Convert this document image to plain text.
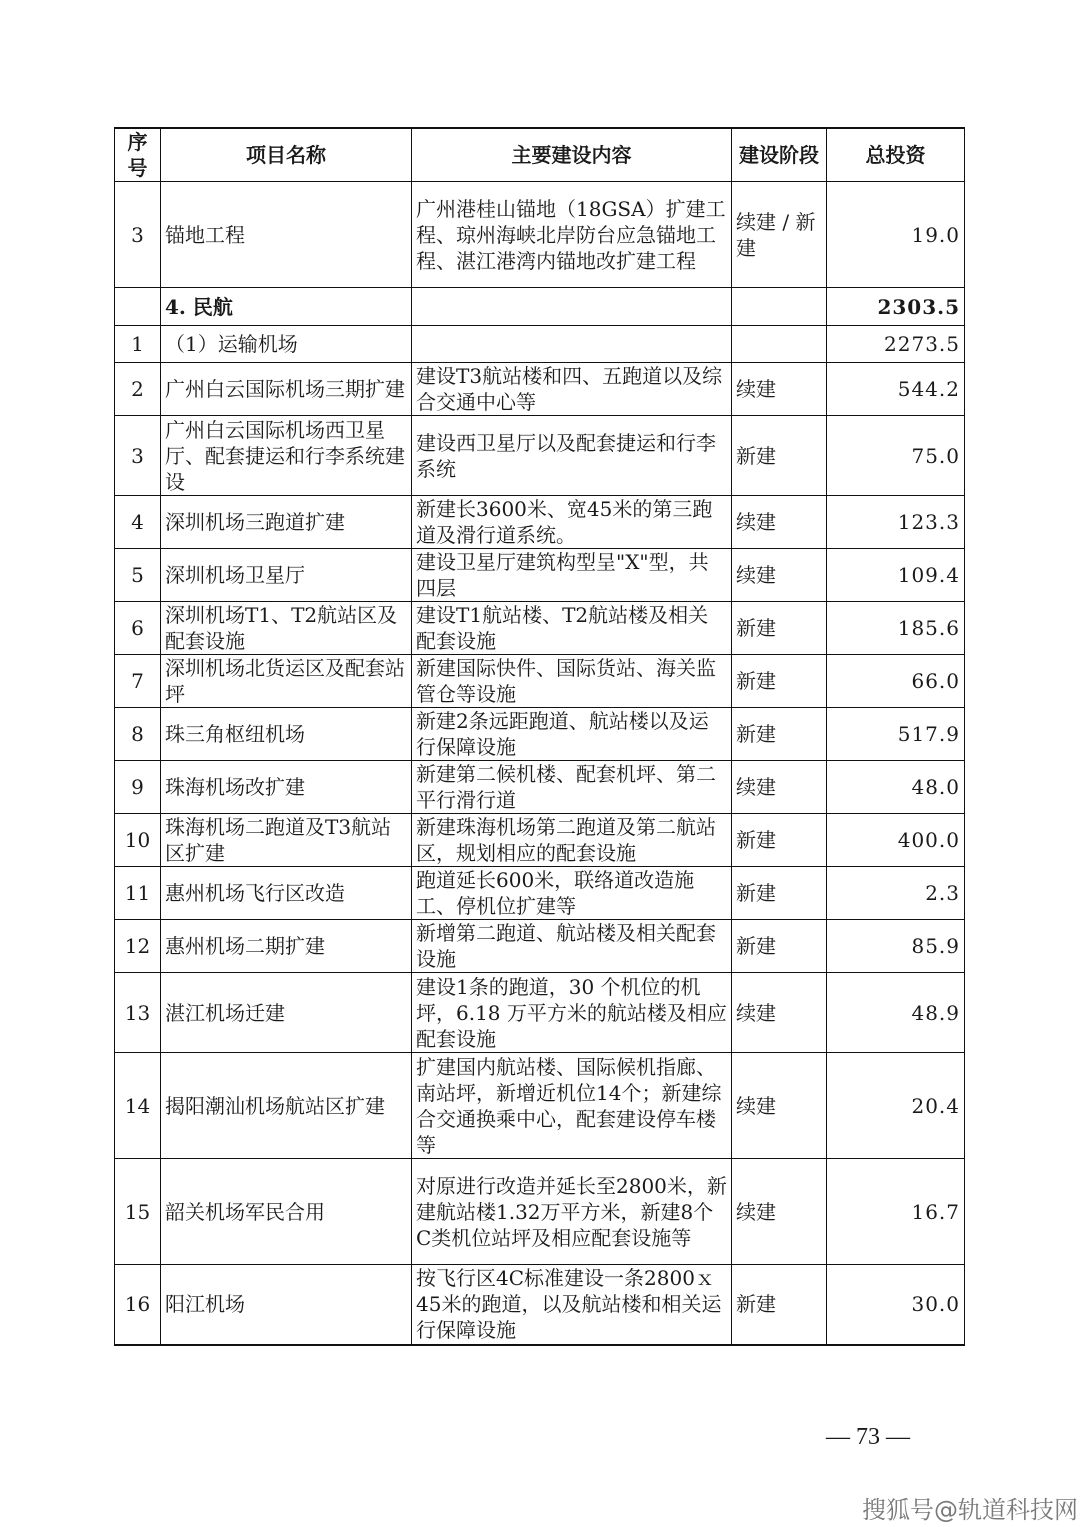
序号	项目名称	主要建设内容	建设阶段	总投资
3	锚地工程	广州港桂山锚地（18GSA）扩建工程、琼州海峡北岸防台应急锚地工程、湛江港湾内锚地改扩建工程	续建 / 新建	19.0
	4. 民航			2303.5
1	（1）运输机场			2273.5
2	广州白云国际机场三期扩建	建设T3航站楼和四、五跑道以及综合交通中心等	续建	544.2
3	广州白云国际机场西卫星厅、配套捷运和行李系统建设	建设西卫星厅以及配套捷运和行李系统	新建	75.0
4	深圳机场三跑道扩建	新建长3600米、宽45米的第三跑道及滑行道系统。	续建	123.3
5	深圳机场卫星厅	建设卫星厅建筑构型呈"X"型，共四层	续建	109.4
6	深圳机场T1、T2航站区及配套设施	建设T1航站楼、T2航站楼及相关配套设施	新建	185.6
7	深圳机场北货运区及配套站坪	新建国际快件、国际货站、海关监管仓等设施	新建	66.0
8	珠三角枢纽机场	新建2条远距跑道、航站楼以及运行保障设施	新建	517.9
9	珠海机场改扩建	新建第二候机楼、配套机坪、第二平行滑行道	续建	48.0
10	珠海机场二跑道及T3航站区扩建	新建珠海机场第二跑道及第二航站区，规划相应的配套设施	新建	400.0
11	惠州机场飞行区改造	跑道延长600米，联络道改造施工、停机位扩建等	新建	2.3
12	惠州机场二期扩建	新增第二跑道、航站楼及相关配套设施	新建	85.9
13	湛江机场迁建	建设1条的跑道，30 个机位的机坪，6.18 万平方米的航站楼及相应配套设施	续建	48.9
14	揭阳潮汕机场航站区扩建	扩建国内航站楼、国际候机指廊、南站坪，新增近机位14个；新建综合交通换乘中心，配套建设停车楼等	续建	20.4
15	韶关机场军民合用	对原进行改造并延长至2800米，新建航站楼1.32万平方米，新建8个C类机位站坪及相应配套设施等	续建	16.7
16	阳江机场	按飞行区4C标准建设一条2800ｘ45米的跑道，以及航站楼和相关运行保障设施	新建	30.0
— 73 —
搜狐号@轨道科技网
